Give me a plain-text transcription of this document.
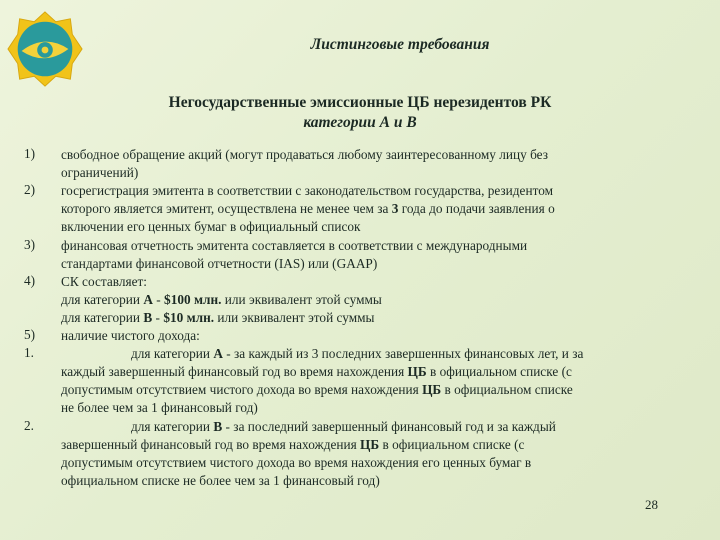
Листинговые требования
Негосударственные эмиссионные ЦБ нерезидентов РК
категории А и В
1) свободное обращение акций (могут продаваться любому заинтересованному лицу без
ограничений)
2) госрегистрация эмитента в соответствии с законодательством государства, резидентом
которого является эмитент, осуществлена не менее чем за 3 года до подачи заявления о
включении его ценных бумаг в официальный список
3) финансовая отчетность эмитента составляется в соответствии с международными
стандартами финансовой отчетности (IAS) или (GAAP)
4) СК составляет:
для категории А - $100 млн. или эквивалент этой суммы
для категории В - $10 млн. или эквивалент этой суммы
5) наличие чистого дохода:
1.	для категории А - за каждый из 3 последних завершенных финансовых лет, и за
каждый завершенный финансовый год во время нахождения ЦБ в официальном списке (с
допустимым отсутствием чистого дохода во время нахождения ЦБ в официальном списке
не более чем за 1 финансовый год)
2.	для категории В - за последний завершенный финансовый год и за каждый
завершенный финансовый год во время нахождения ЦБ в официальном списке (с
допустимым отсутствием чистого дохода во время нахождения его ценных бумаг в
официальном списке не более чем за 1 финансовый год)
28
